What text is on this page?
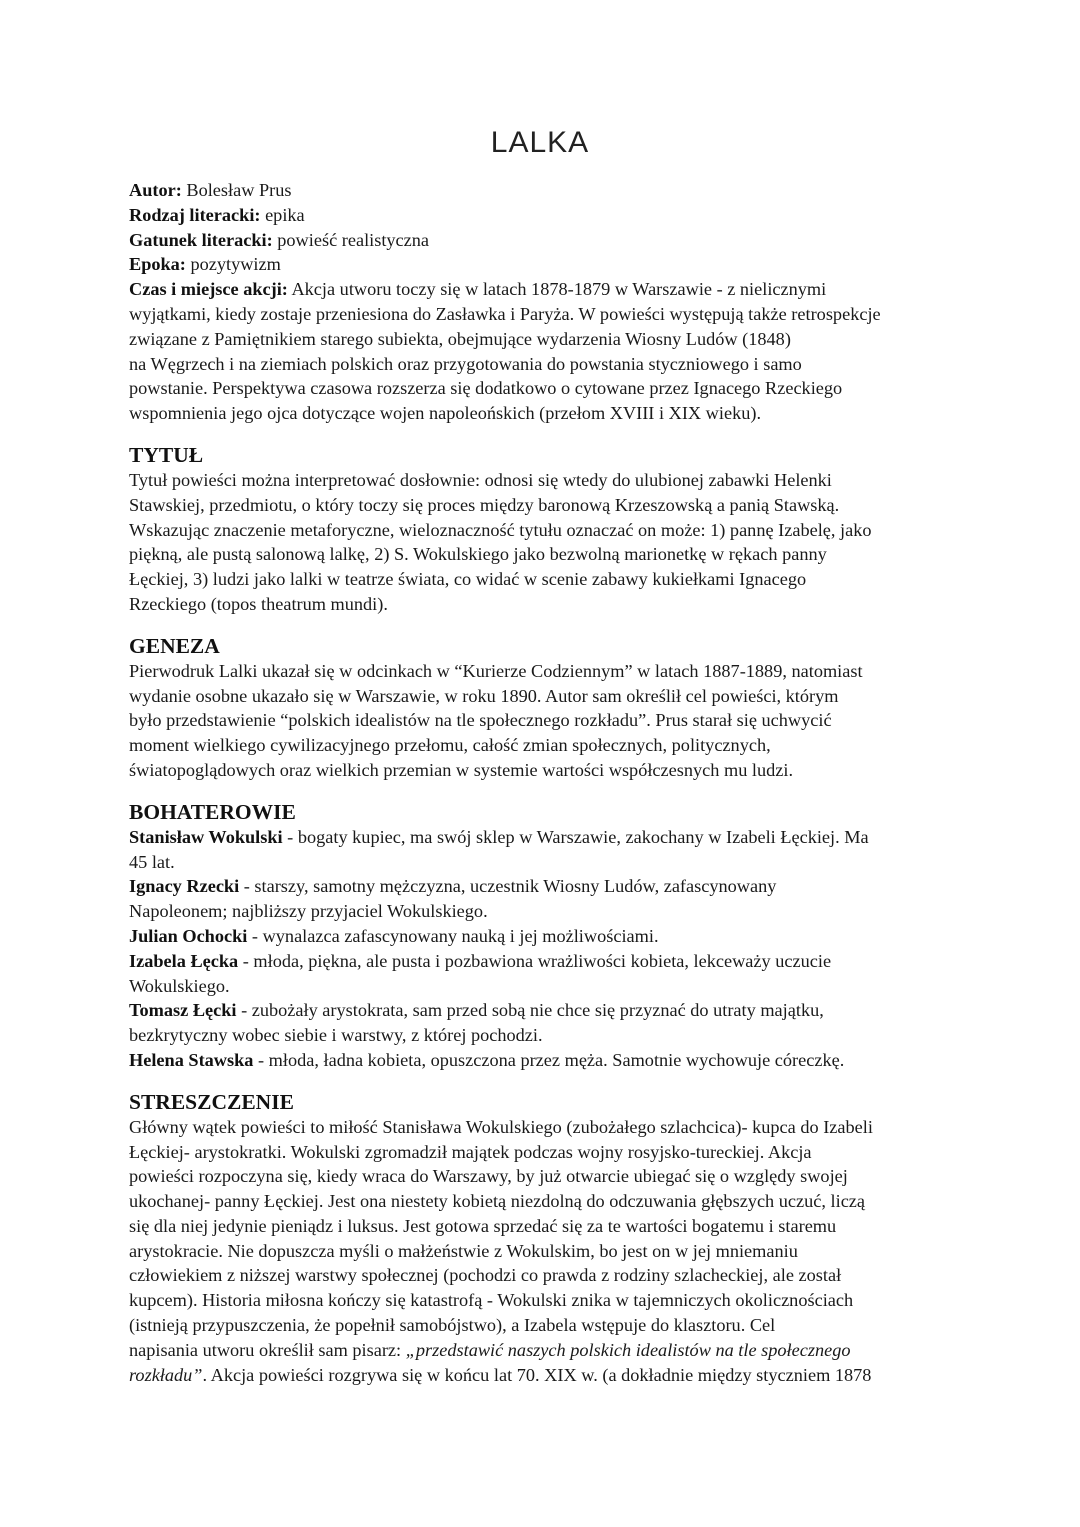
LALKA
Autor: Bolesław Prus
Rodzaj literacki: epika
Gatunek literacki: powieść realistyczna
Epoka: pozytywizm
Czas i miejsce akcji: Akcja utworu toczy się w latach 1878-1879 w Warszawie - z nielicznymi
wyjątkami, kiedy zostaje przeniesiona do Zasławka i Paryża. W powieści występują także retrospekcje
związane z Pamiętnikiem starego subiekta, obejmujące wydarzenia Wiosny Ludów (1848)
na Węgrzech i na ziemiach polskich oraz przygotowania do powstania styczniowego i samo
powstanie. Perspektywa czasowa rozszerza się dodatkowo o cytowane przez Ignacego Rzeckiego
wspomnienia jego ojca dotyczące wojen napoleońskich (przełom XVIII i XIX wieku).
TYTUŁ
Tytuł powieści można interpretować dosłownie: odnosi się wtedy do ulubionej zabawki Helenki
Stawskiej, przedmiotu, o który toczy się proces między baronową Krzeszowską a panią Stawską.
Wskazując znaczenie metaforyczne, wieloznaczność tytułu oznaczać on może: 1) pannę Izabelę, jako
piękną, ale pustą salonową lalkę, 2) S. Wokulskiego jako bezwolną marionetkę w rękach panny
Łęckiej, 3) ludzi jako lalki w teatrze świata, co widać w scenie zabawy kukiełkami Ignacego
Rzeckiego (topos theatrum mundi).
GENEZA
Pierwodruk Lalki ukazał się w odcinkach w “Kurierze Codziennym” w latach 1887-1889, natomiast
wydanie osobne ukazało się w Warszawie, w roku 1890. Autor sam określił cel powieści, którym
było przedstawienie “polskich idealistów na tle społecznego rozkładu”. Prus starał się uchwycić
moment wielkiego cywilizacyjnego przełomu, całość zmian społecznych, politycznych,
światopoglądowych oraz wielkich przemian w systemie wartości współczesnych mu ludzi.
BOHATEROWIE
Stanisław Wokulski - bogaty kupiec, ma swój sklep w Warszawie, zakochany w Izabeli Łęckiej. Ma
45 lat.
Ignacy Rzecki - starszy, samotny mężczyzna, uczestnik Wiosny Ludów, zafascynowany
Napoleonem; najbliższy przyjaciel Wokulskiego.
Julian Ochocki - wynalazca zafascynowany nauką i jej możliwościami.
Izabela Łęcka - młoda, piękna, ale pusta i pozbawiona wrażliwości kobieta, lekceważy uczucie
Wokulskiego.
Tomasz Łęcki - zubożały arystokrata, sam przed sobą nie chce się przyznać do utraty majątku,
bezkrytyczny wobec siebie i warstwy, z której pochodzi.
Helena Stawska - młoda, ładna kobieta, opuszczona przez męża. Samotnie wychowuje córeczkę.
STRESZCZENIE
Główny wątek powieści to miłość Stanisława Wokulskiego (zubożałego szlachcica)- kupca do Izabeli
Łęckiej- arystokratki. Wokulski zgromadził majątek podczas wojny rosyjsko-tureckiej. Akcja
powieści rozpoczyna się, kiedy wraca do Warszawy, by już otwarcie ubiegać się o względy swojej
ukochanej- panny Łęckiej. Jest ona niestety kobietą niezdolną do odczuwania głębszych uczuć, liczą
się dla niej jedynie pieniądz i luksus. Jest gotowa sprzedać się za te wartości bogatemu i staremu
arystokracie. Nie dopuszcza myśli o małżeństwie z Wokulskim, bo jest on w jej mniemaniu
człowiekiem z niższej warstwy społecznej (pochodzi co prawda z rodziny szlacheckiej, ale został
kupcem). Historia miłosna kończy się katastrofą - Wokulski znika w tajemniczych okolicznościach
(istnieją przypuszczenia, że popełnił samobójstwo), a Izabela wstępuje do klasztoru. Cel
napisania utworu określił sam pisarz: „przedstawić naszych polskich idealistów na tle społecznego
rozkładu”. Akcja powieści rozgrywa się w końcu lat 70. XIX w. (a dokładnie między styczniem 1878
